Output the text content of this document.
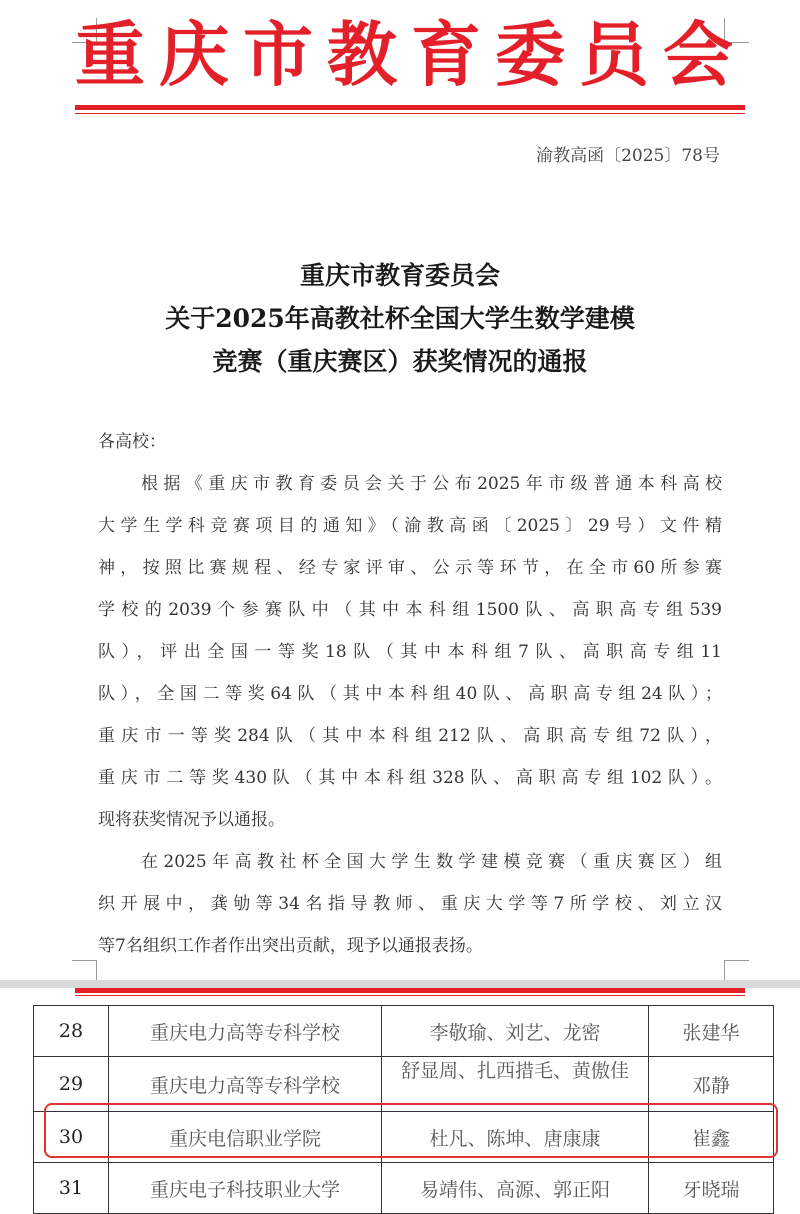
重庆市教育委员会
渝教高函〔2025〕78号
重庆市教育委员会
关于2025年高教社杯全国大学生数学建模
竞赛（重庆赛区）获奖情况的通报
各高校：
根据《重庆市教育委员会关于公布2025年市级普通本科高校
大学生学科竞赛项目的通知》（渝教高函〔2025〕29号）文件精
神，按照比赛规程、经专家评审、公示等环节，在全市60所参赛
学校的2039个参赛队中（其中本科组1500队、高职高专组539
队），评出全国一等奖18队（其中本科组7队、高职高专组11
队），全国二等奖64队（其中本科组40队、高职高专组24队）；
重庆市一等奖284队（其中本科组212队、高职高专组72队），
重庆市二等奖430队（其中本科组328队、高职高专组102队）。
现将获奖情况予以通报。
在2025年高教社杯全国大学生数学建模竞赛（重庆赛区）组
织开展中，龚劬等34名指导教师、重庆大学等7所学校、刘立汉
等7名组织工作者作出突出贡献，现予以通报表扬。
28	重庆电力高等专科学校	李敬瑜、刘艺、龙密	张建华
29	重庆电力高等专科学校	舒显周、扎西措毛、黄傲佳	邓静
30	重庆电信职业学院	杜凡、陈坤、唐康康	崔鑫
31	重庆电子科技职业大学	易靖伟、高源、郭正阳	牙晓瑞
